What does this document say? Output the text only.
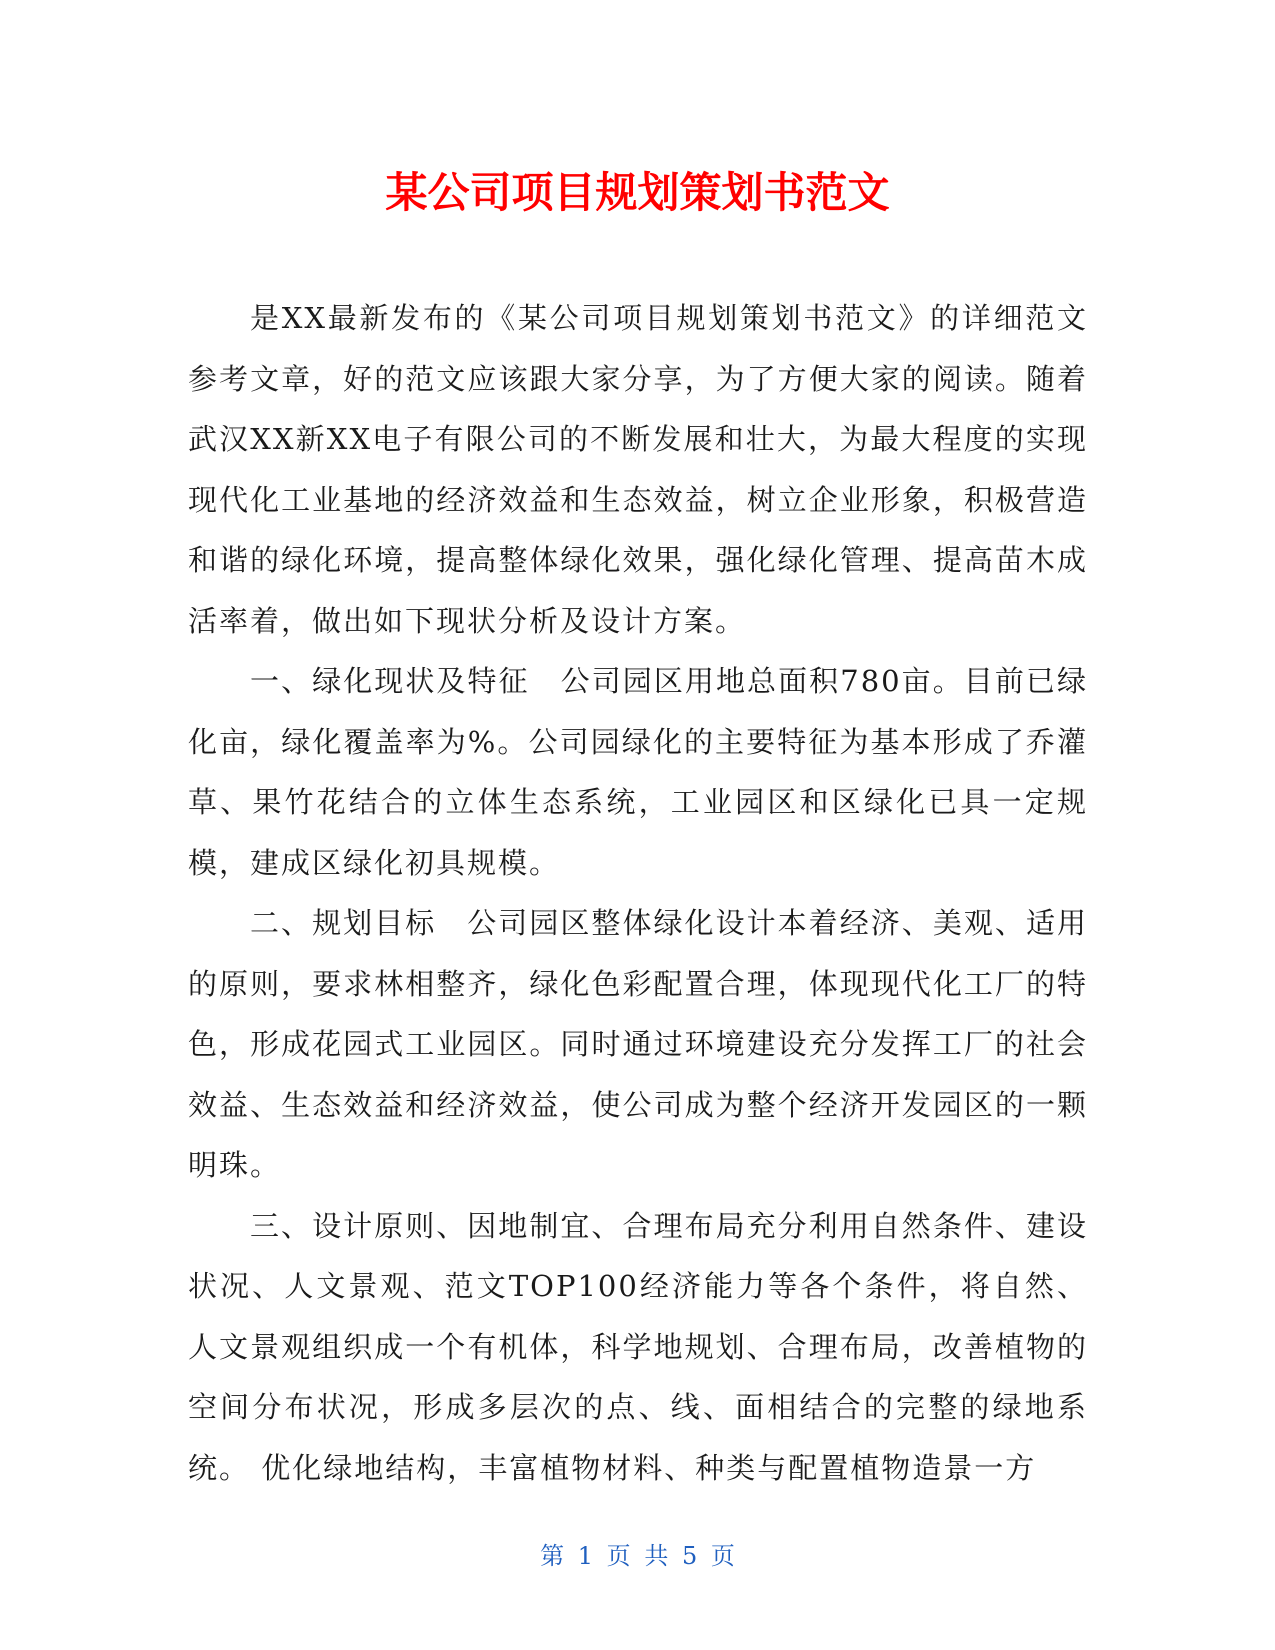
某公司项目规划策划书范文

是XX最新发布的《某公司项目规划策划书范文》的详细范文参考文章，好的范文应该跟大家分享，为了方便大家的阅读。随着武汉XX新XX电子有限公司的不断发展和壮大，为最大程度的实现现代化工业基地的经济效益和生态效益，树立企业形象，积极营造和谐的绿化环境，提高整体绿化效果，强化绿化管理、提高苗木成活率着，做出如下现状分析及设计方案。

一、绿化现状及特征　公司园区用地总面积780亩。目前已绿化亩，绿化覆盖率为%。公司园绿化的主要特征为基本形成了乔灌草、果竹花结合的立体生态系统，工业园区和区绿化已具一定规模，建成区绿化初具规模。

二、规划目标　公司园区整体绿化设计本着经济、美观、适用的原则，要求林相整齐，绿化色彩配置合理，体现现代化工厂的特色，形成花园式工业园区。同时通过环境建设充分发挥工厂的社会效益、生态效益和经济效益，使公司成为整个经济开发园区的一颗明珠。

三、设计原则、因地制宜、合理布局充分利用自然条件、建设状况、人文景观、范文TOP100经济能力等各个条件，将自然、人文景观组织成一个有机体，科学地规划、合理布局，改善植物的空间分布状况，形成多层次的点、线、面相结合的完整的绿地系统。 优化绿地结构，丰富植物材料、种类与配置植物造景一方

第 1 页 共 5 页
